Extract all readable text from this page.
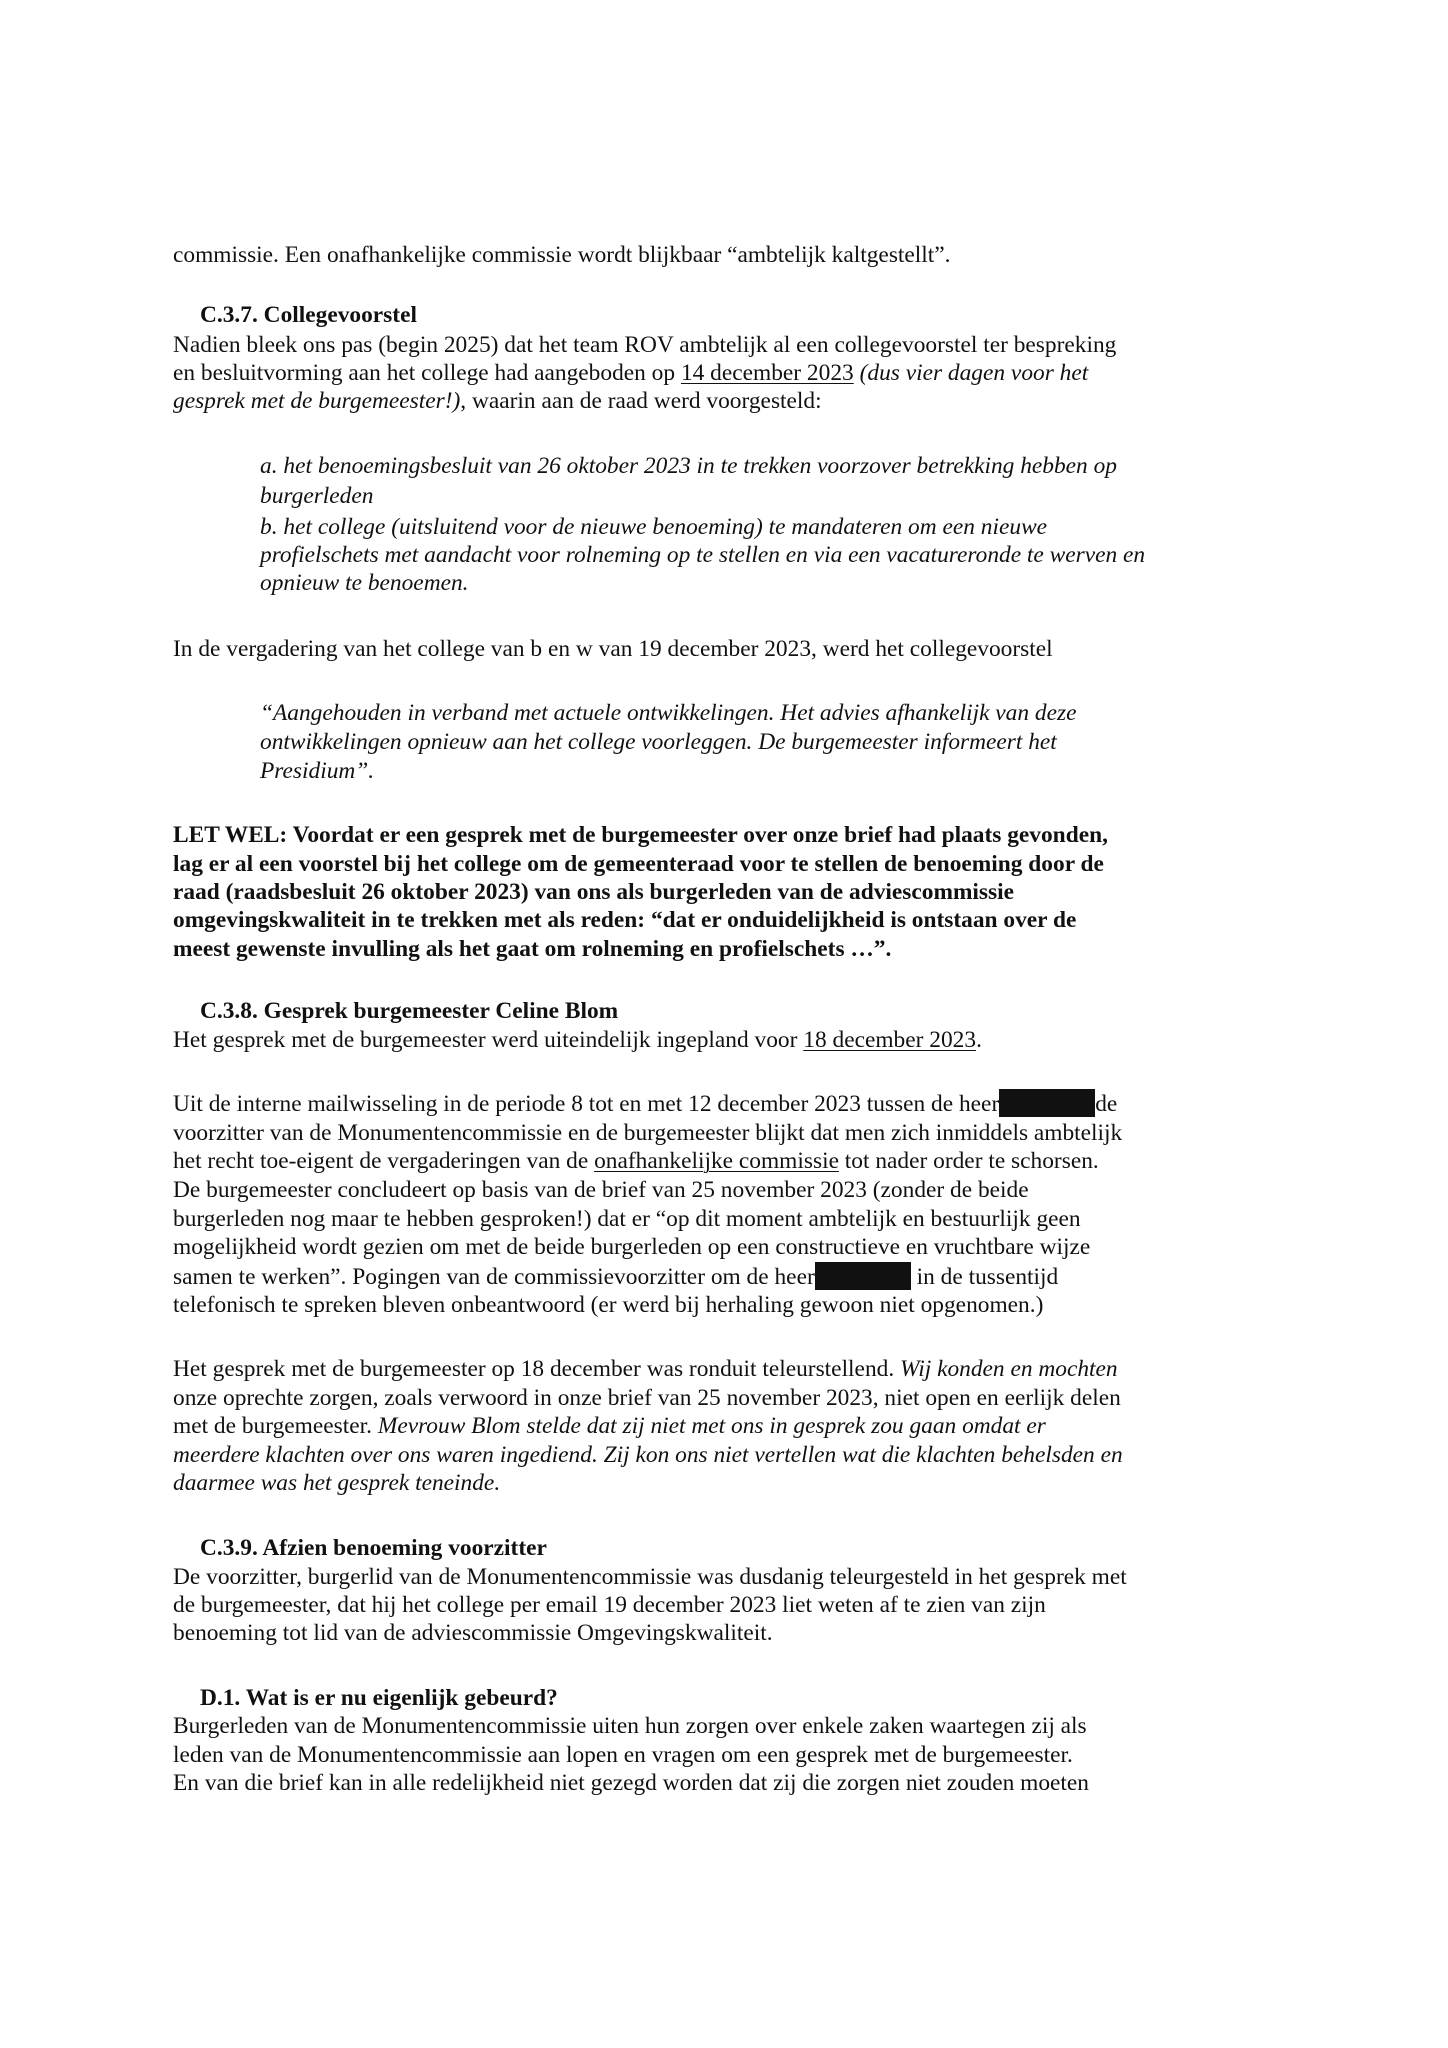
commissie. Een onafhankelijke commissie wordt blijkbaar “ambtelijk kaltgestellt”.
C.3.7. Collegevoorstel
Nadien bleek ons pas (begin 2025) dat het team ROV ambtelijk al een collegevoorstel ter bespreking
en besluitvorming aan het college had aangeboden op 14 december 2023 (dus vier dagen voor het
gesprek met de burgemeester!), waarin aan de raad werd voorgesteld:
a. het benoemingsbesluit van 26 oktober 2023 in te trekken voorzover betrekking hebben op
burgerleden
b. het college (uitsluitend voor de nieuwe benoeming) te mandateren om een nieuwe
profielschets met aandacht voor rolneming op te stellen en via een vacatureronde te werven en
opnieuw te benoemen.
In de vergadering van het college van b en w van 19 december 2023, werd het collegevoorstel
“Aangehouden in verband met actuele ontwikkelingen. Het advies afhankelijk van deze
ontwikkelingen opnieuw aan het college voorleggen. De burgemeester informeert het
Presidium”.
LET WEL: Voordat er een gesprek met de burgemeester over onze brief had plaats gevonden,
lag er al een voorstel bij het college om de gemeenteraad voor te stellen de benoeming door de
raad (raadsbesluit 26 oktober 2023) van ons als burgerleden van de adviescommissie
omgevingskwaliteit in te trekken met als reden: “dat er onduidelijkheid is ontstaan over de
meest gewenste invulling als het gaat om rolneming en profielschets …”.
C.3.8. Gesprek burgemeester Celine Blom
Het gesprek met de burgemeester werd uiteindelijk ingepland voor 18 december 2023.
Uit de interne mailwisseling in de periode 8 tot en met 12 december 2023 tussen de heer	de
voorzitter van de Monumentencommissie en de burgemeester blijkt dat men zich inmiddels ambtelijk
het recht toe-eigent de vergaderingen van de onafhankelijke commissie tot nader order te schorsen.
De burgemeester concludeert op basis van de brief van 25 november 2023 (zonder de beide
burgerleden nog maar te hebben gesproken!) dat er “op dit moment ambtelijk en bestuurlijk geen
mogelijkheid wordt gezien om met de beide burgerleden op een constructieve en vruchtbare wijze
samen te werken”. Pogingen van de commissievoorzitter om de heer	in de tussentijd
telefonisch te spreken bleven onbeantwoord (er werd bij herhaling gewoon niet opgenomen.)
Het gesprek met de burgemeester op 18 december was ronduit teleurstellend. Wij konden en mochten
onze oprechte zorgen, zoals verwoord in onze brief van 25 november 2023, niet open en eerlijk delen
met de burgemeester. Mevrouw Blom stelde dat zij niet met ons in gesprek zou gaan omdat er
meerdere klachten over ons waren ingediend. Zij kon ons niet vertellen wat die klachten behelsden en
daarmee was het gesprek teneinde.
C.3.9. Afzien benoeming voorzitter
De voorzitter, burgerlid van de Monumentencommissie was dusdanig teleurgesteld in het gesprek met
de burgemeester, dat hij het college per email 19 december 2023 liet weten af te zien van zijn
benoeming tot lid van de adviescommissie Omgevingskwaliteit.
D.1. Wat is er nu eigenlijk gebeurd?
Burgerleden van de Monumentencommissie uiten hun zorgen over enkele zaken waartegen zij als
leden van de Monumentencommissie aan lopen en vragen om een gesprek met de burgemeester.
En van die brief kan in alle redelijkheid niet gezegd worden dat zij die zorgen niet zouden moeten
